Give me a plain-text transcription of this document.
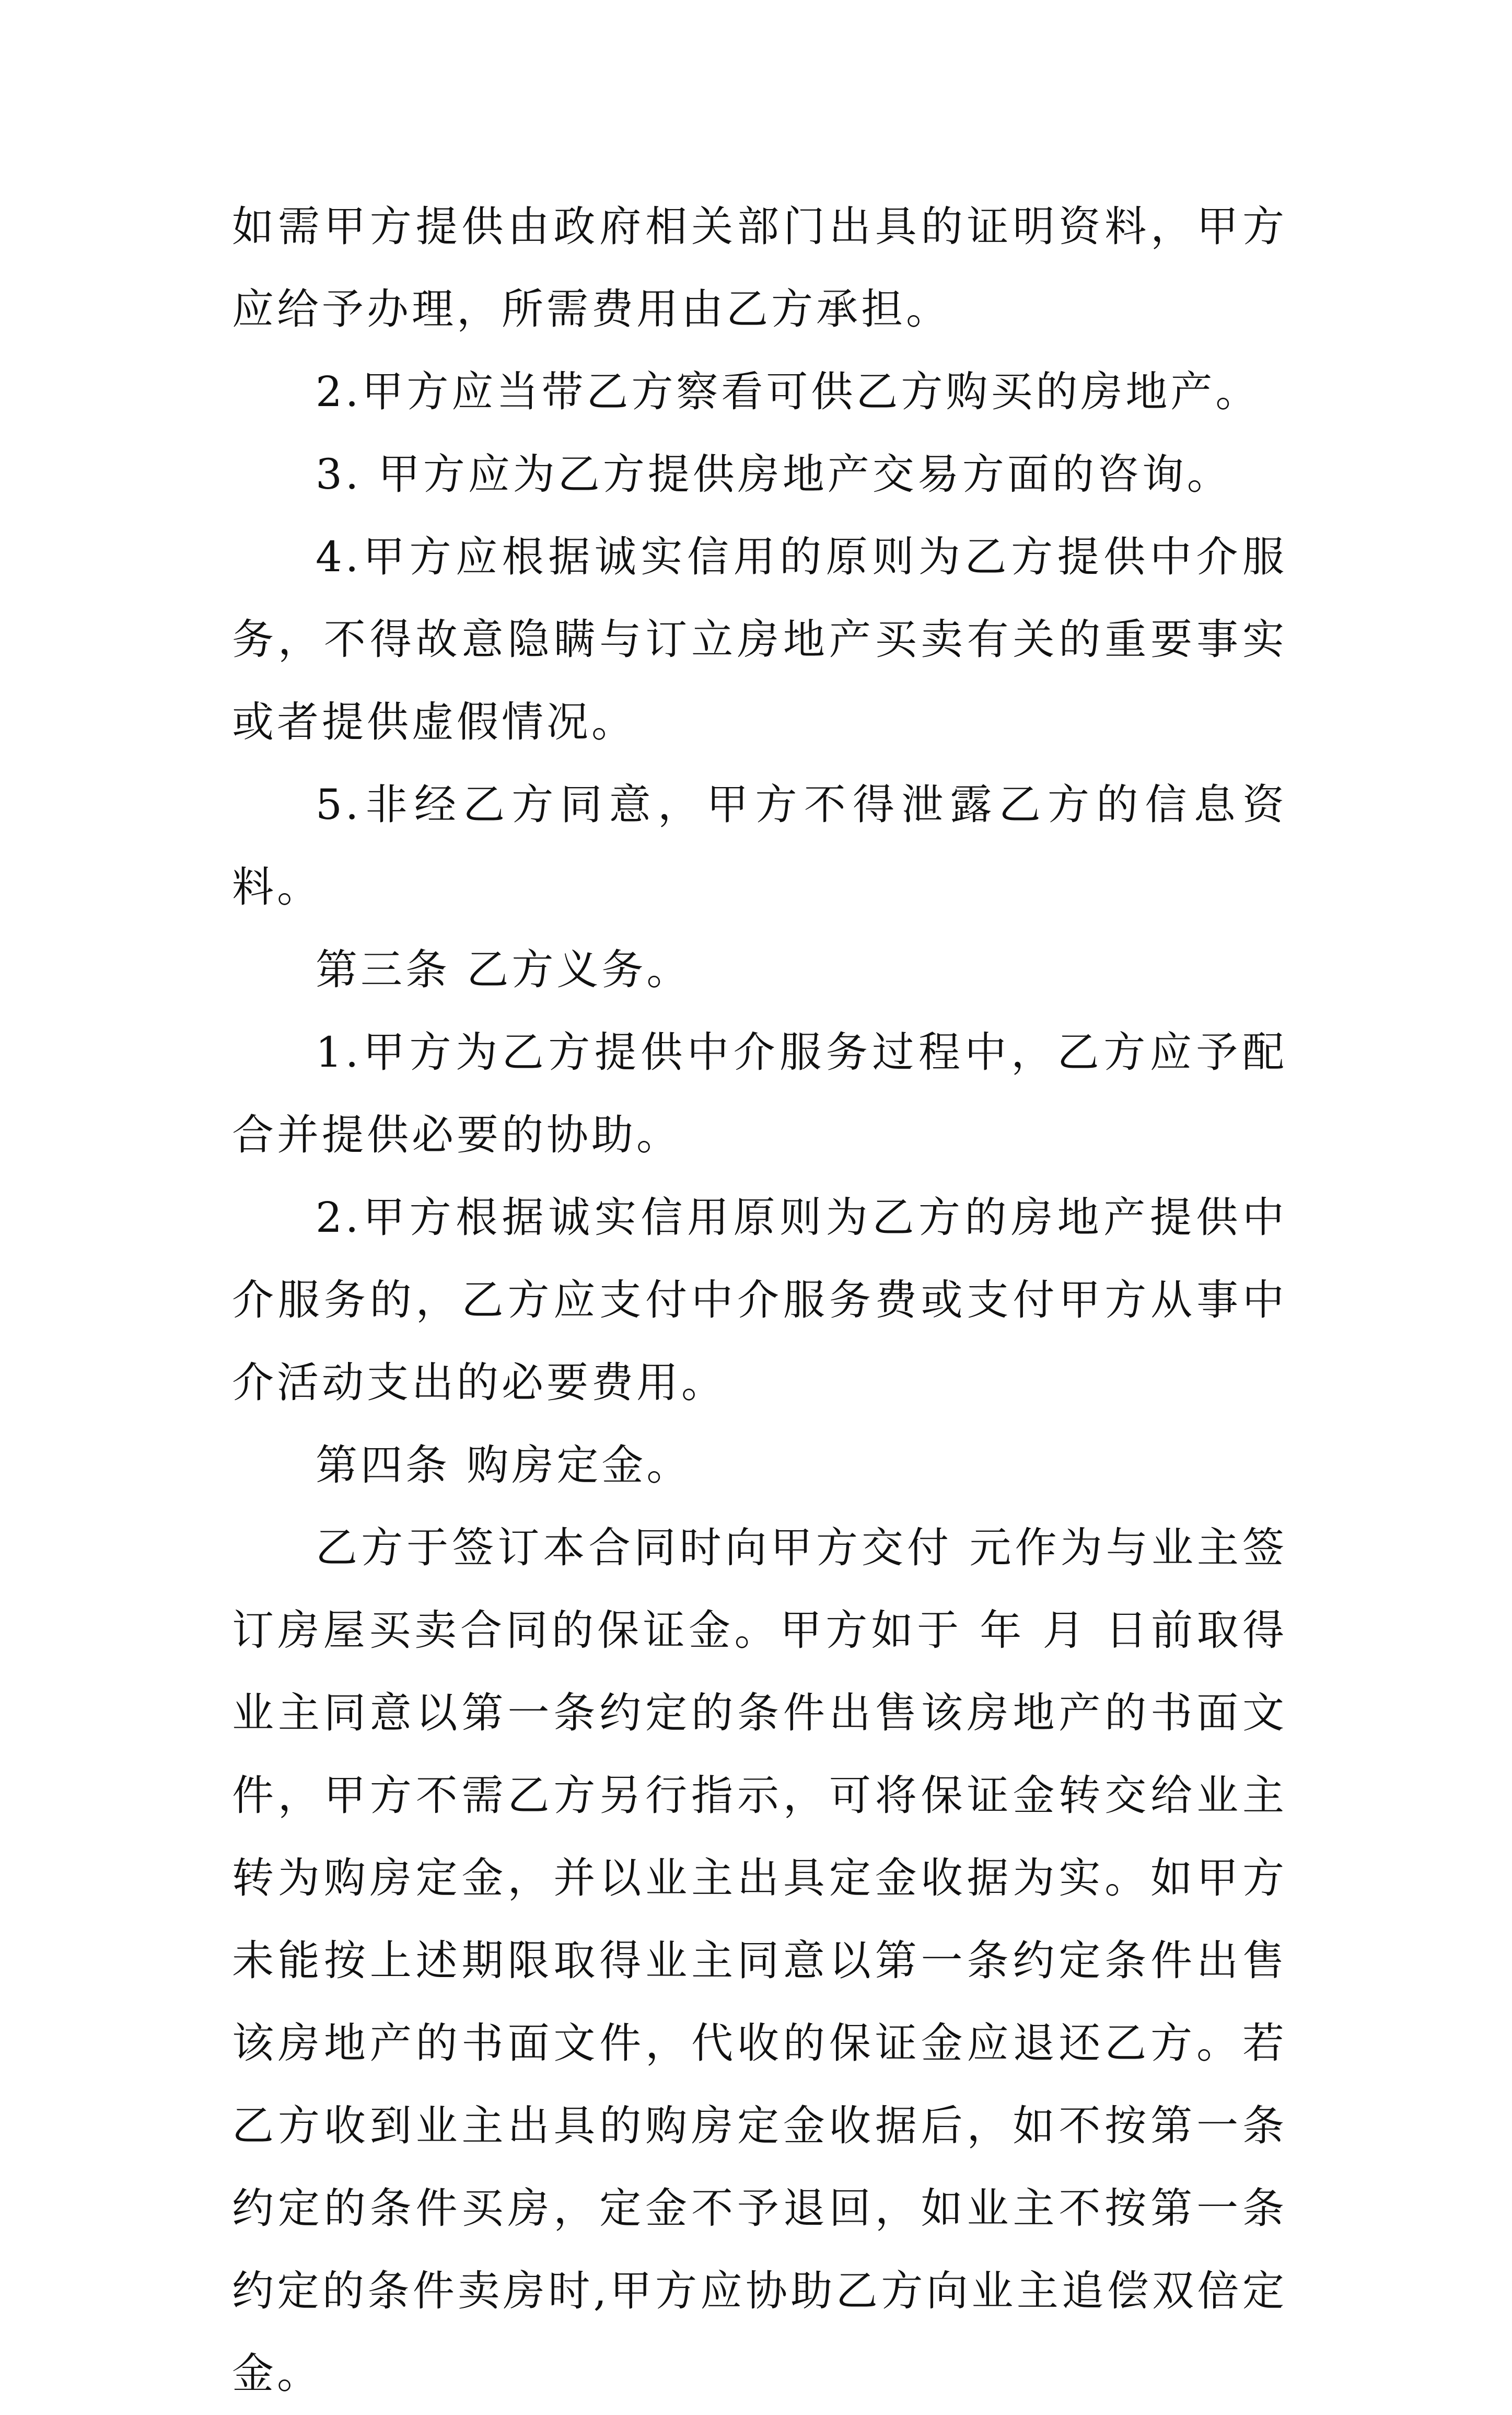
如需甲方提供由政府相关部门出具的证明资料，甲方应给予办理，所需费用由乙方承担。

2.甲方应当带乙方察看可供乙方购买的房地产。

3. 甲方应为乙方提供房地产交易方面的咨询。

4.甲方应根据诚实信用的原则为乙方提供中介服务，不得故意隐瞒与订立房地产买卖有关的重要事实或者提供虚假情况。

5.非经乙方同意，甲方不得泄露乙方的信息资料。

第三条 乙方义务。

1.甲方为乙方提供中介服务过程中，乙方应予配合并提供必要的协助。

2.甲方根据诚实信用原则为乙方的房地产提供中介服务的，乙方应支付中介服务费或支付甲方从事中介活动支出的必要费用。

第四条 购房定金。

乙方于签订本合同时向甲方交付 元作为与业主签订房屋买卖合同的保证金。甲方如于 年 月 日前取得业主同意以第一条约定的条件出售该房地产的书面文件，甲方不需乙方另行指示，可将保证金转交给业主转为购房定金，并以业主出具定金收据为实。如甲方未能按上述期限取得业主同意以第一条约定条件出售该房地产的书面文件，代收的保证金应退还乙方。若乙方收到业主出具的购房定金收据后，如不按第一条约定的条件买房，定金不予退回，如业主不按第一条约定的条件卖房时,甲方应协助乙方向业主追偿双倍定金。
